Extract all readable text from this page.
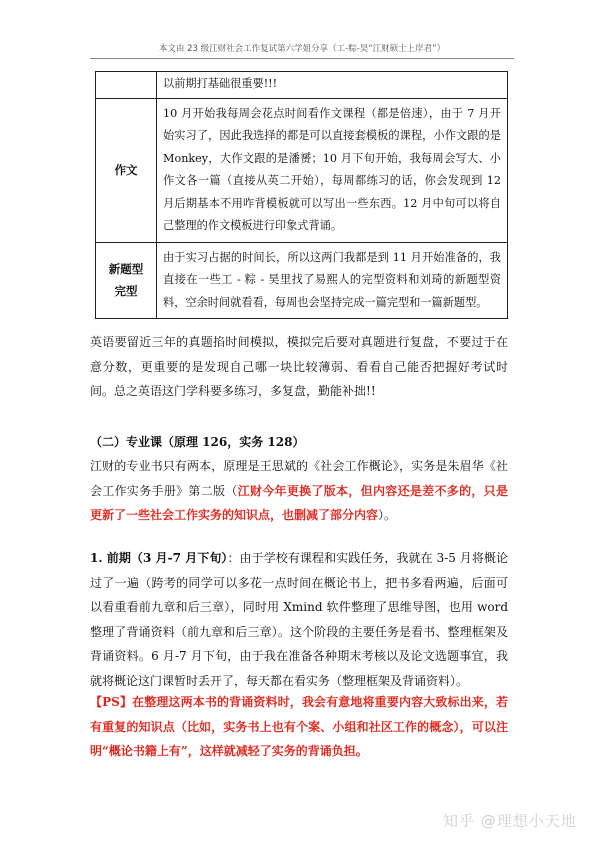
本文由 23 级江财社会工作复试第六学姐分享（工-粽-昊“江财硕士上岸君”）
	以前期打基础很重要!!!
作文	10 月开始我每周会花点时间看作文课程（都是倍速），由于 7 月开始实习了，因此我选择的都是可以直接套模板的课程，小作文跟的是 Monkey，大作文跟的是潘赟；10 月下旬开始，我每周会写大、小作文各一篇（直接从英二开始），每周都练习的话，你会发现到 12 月后期基本不用咋背模板就可以写出一些东西。12 月中旬可以将自己整理的作文模板进行印象式背诵。
新题型
完型	由于实习占据的时间长，所以这两门我都是到 11 月开始准备的，我直接在一些工 - 粽 - 昊里找了易熙人的完型资料和刘琦的新题型资料，空余时间就看看，每周也会坚持完成一篇完型和一篇新题型。

英语要留近三年的真题掐时间模拟，模拟完后要对真题进行复盘，不要过于在意分数，更重要的是发现自己哪一块比较薄弱、看看自己能否把握好考试时间。总之英语这门学科要多练习，多复盘，勤能补拙!!

（二）专业课（原理 126，实务 128）

江财的专业书只有两本，原理是王思斌的《社会工作概论》，实务是朱眉华《社会工作实务手册》第二版（江财今年更换了版本，但内容还是差不多的，只是更新了一些社会工作实务的知识点，也删减了部分内容）。

1. 前期（3 月-7 月下旬）：由于学校有课程和实践任务，我就在 3-5 月将概论过了一遍（跨考的同学可以多花一点时间在概论书上，把书多看两遍，后面可以看重看前九章和后三章），同时用 Xmind 软件整理了思维导图，也用 word 整理了背诵资料（前九章和后三章）。这个阶段的主要任务是看书、整理框架及背诵资料。6 月-7 月下旬，由于我在准备各种期末考核以及论文选题事宜，我就将概论这门课暂时丢开了，每天都在看实务（整理框架及背诵资料）。

【PS】在整理这两本书的背诵资料时，我会有意地将重要内容大致标出来，若有重复的知识点（比如，实务书上也有个案、小组和社区工作的概念），可以注明“概论书籍上有”，这样就减轻了实务的背诵负担。

知乎 @理想小天地
